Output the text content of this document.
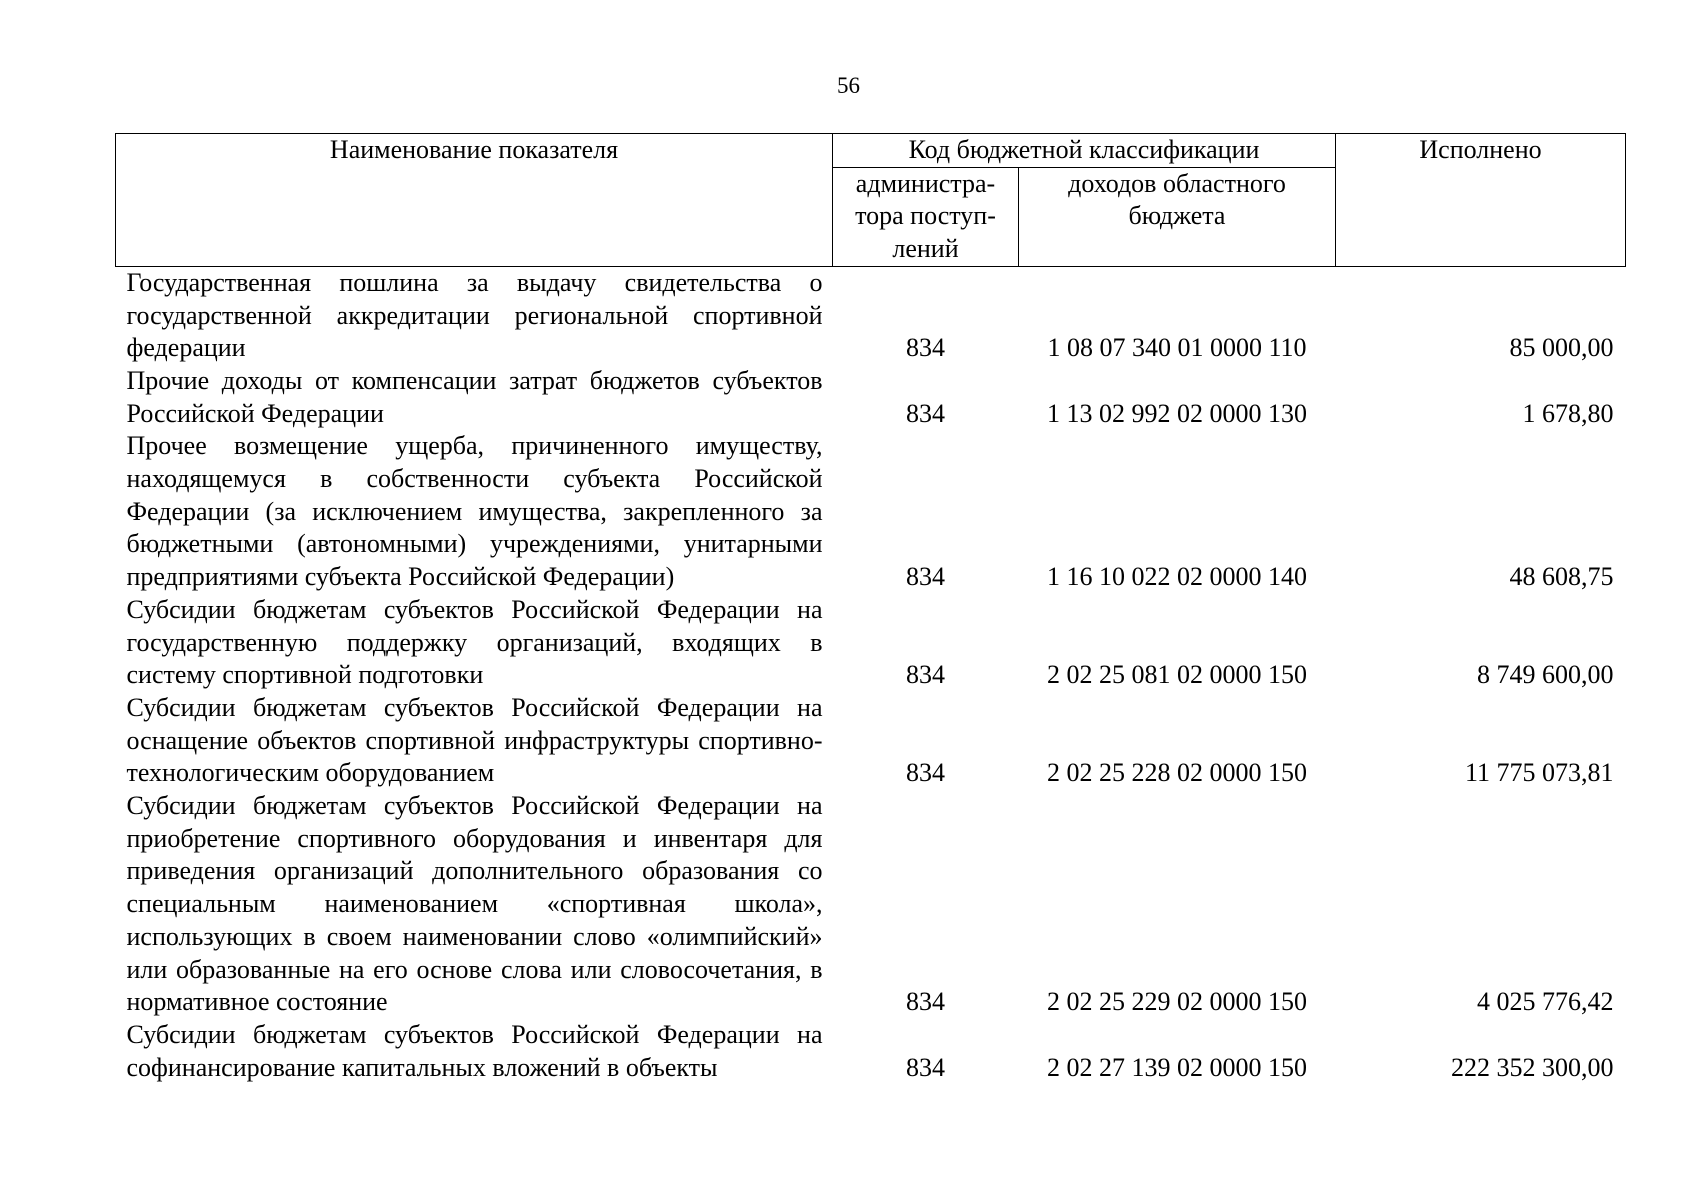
56
Наименование показателя	Код бюджетной классификации		Исполнено
	администра-тора поступ-лений	доходов областного бюджета	
Государственная пошлина за выдачу свидетельства о государственной аккредитации региональной спортивной федерации	834	1 08 07 340 01 0000 110	85 000,00
Прочие доходы от компенсации затрат бюджетов субъектов Российской Федерации	834	1 13 02 992 02 0000 130	1 678,80
Прочее возмещение ущерба, причиненного имуществу, находящемуся в собственности субъекта Российской Федерации (за исключением имущества, закрепленного за бюджетными (автономными) учреждениями, унитарными предприятиями субъекта Российской Федерации)	834	1 16 10 022 02 0000 140	48 608,75
Субсидии бюджетам субъектов Российской Федерации на государственную поддержку организаций, входящих в систему спортивной подготовки	834	2 02 25 081 02 0000 150	8 749 600,00
Субсидии бюджетам субъектов Российской Федерации на оснащение объектов спортивной инфраструктуры спортивно-технологическим оборудованием	834	2 02 25 228 02 0000 150	11 775 073,81
Субсидии бюджетам субъектов Российской Федерации на приобретение спортивного оборудования и инвентаря для приведения организаций дополнительного образования со специальным наименованием «спортивная школа», использующих в своем наименовании слово «олимпийский» или образованные на его основе слова или словосочетания, в нормативное состояние	834	2 02 25 229 02 0000 150	4 025 776,42
Субсидии бюджетам субъектов Российской Федерации на софинансирование капитальных вложений в объекты	834	2 02 27 139 02 0000 150	222 352 300,00
